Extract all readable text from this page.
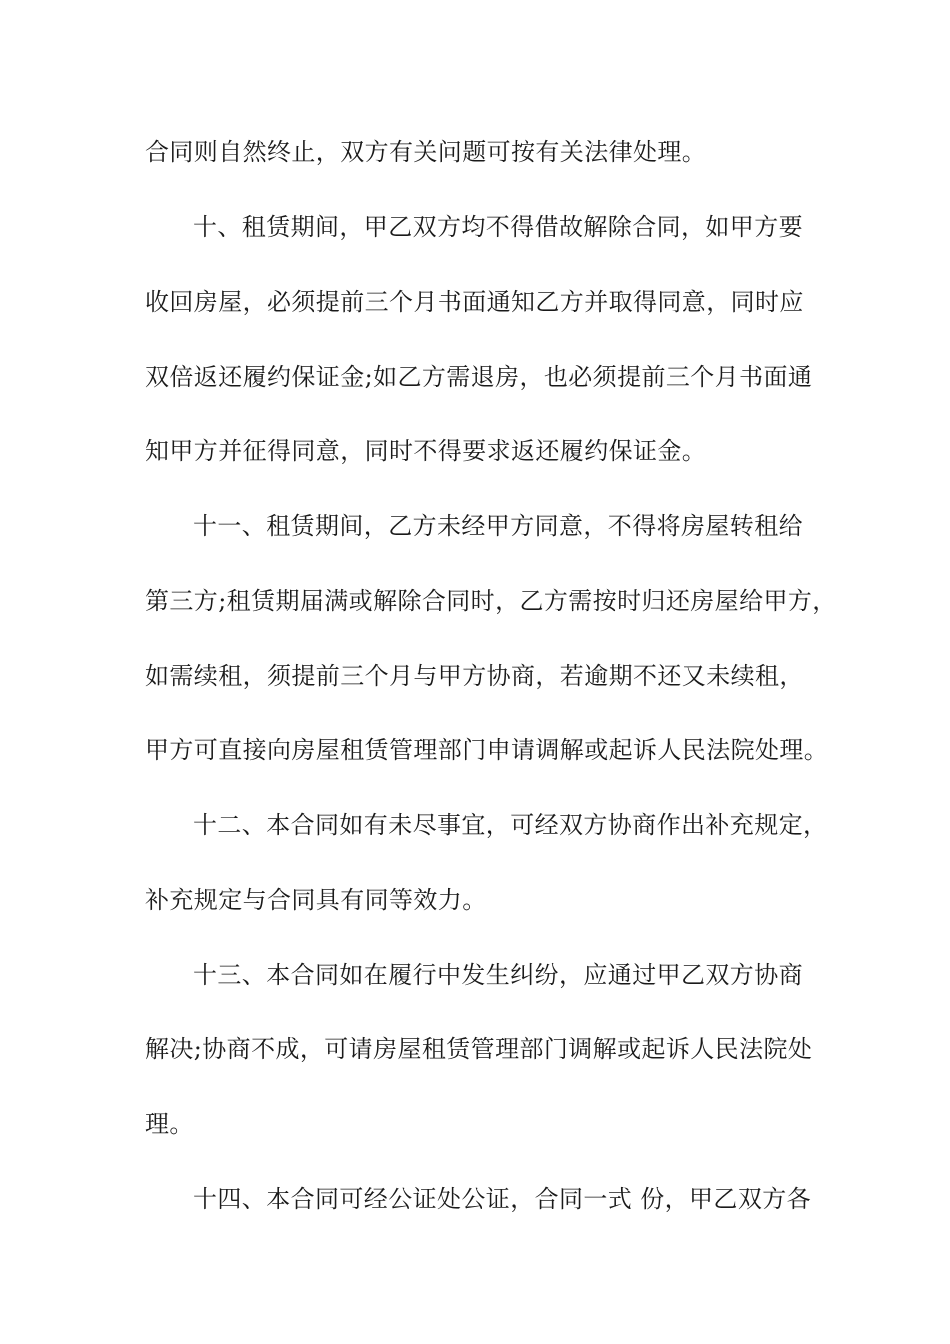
合同则自然终止，双方有关问题可按有关法律处理。
十、租赁期间，甲乙双方均不得借故解除合同，如甲方要
收回房屋，必须提前三个月书面通知乙方并取得同意，同时应
双倍返还履约保证金;如乙方需退房，也必须提前三个月书面通
知甲方并征得同意，同时不得要求返还履约保证金。
十一、租赁期间，乙方未经甲方同意，不得将房屋转租给
第三方;租赁期届满或解除合同时，乙方需按时归还房屋给甲方，
如需续租，须提前三个月与甲方协商，若逾期不还又未续租，
甲方可直接向房屋租赁管理部门申请调解或起诉人民法院处理。
十二、本合同如有未尽事宜，可经双方协商作出补充规定，
补充规定与合同具有同等效力。
十三、本合同如在履行中发生纠纷，应通过甲乙双方协商
解决;协商不成，可请房屋租赁管理部门调解或起诉人民法院处
理。
十四、本合同可经公证处公证，合同一式 份，甲乙双方各
